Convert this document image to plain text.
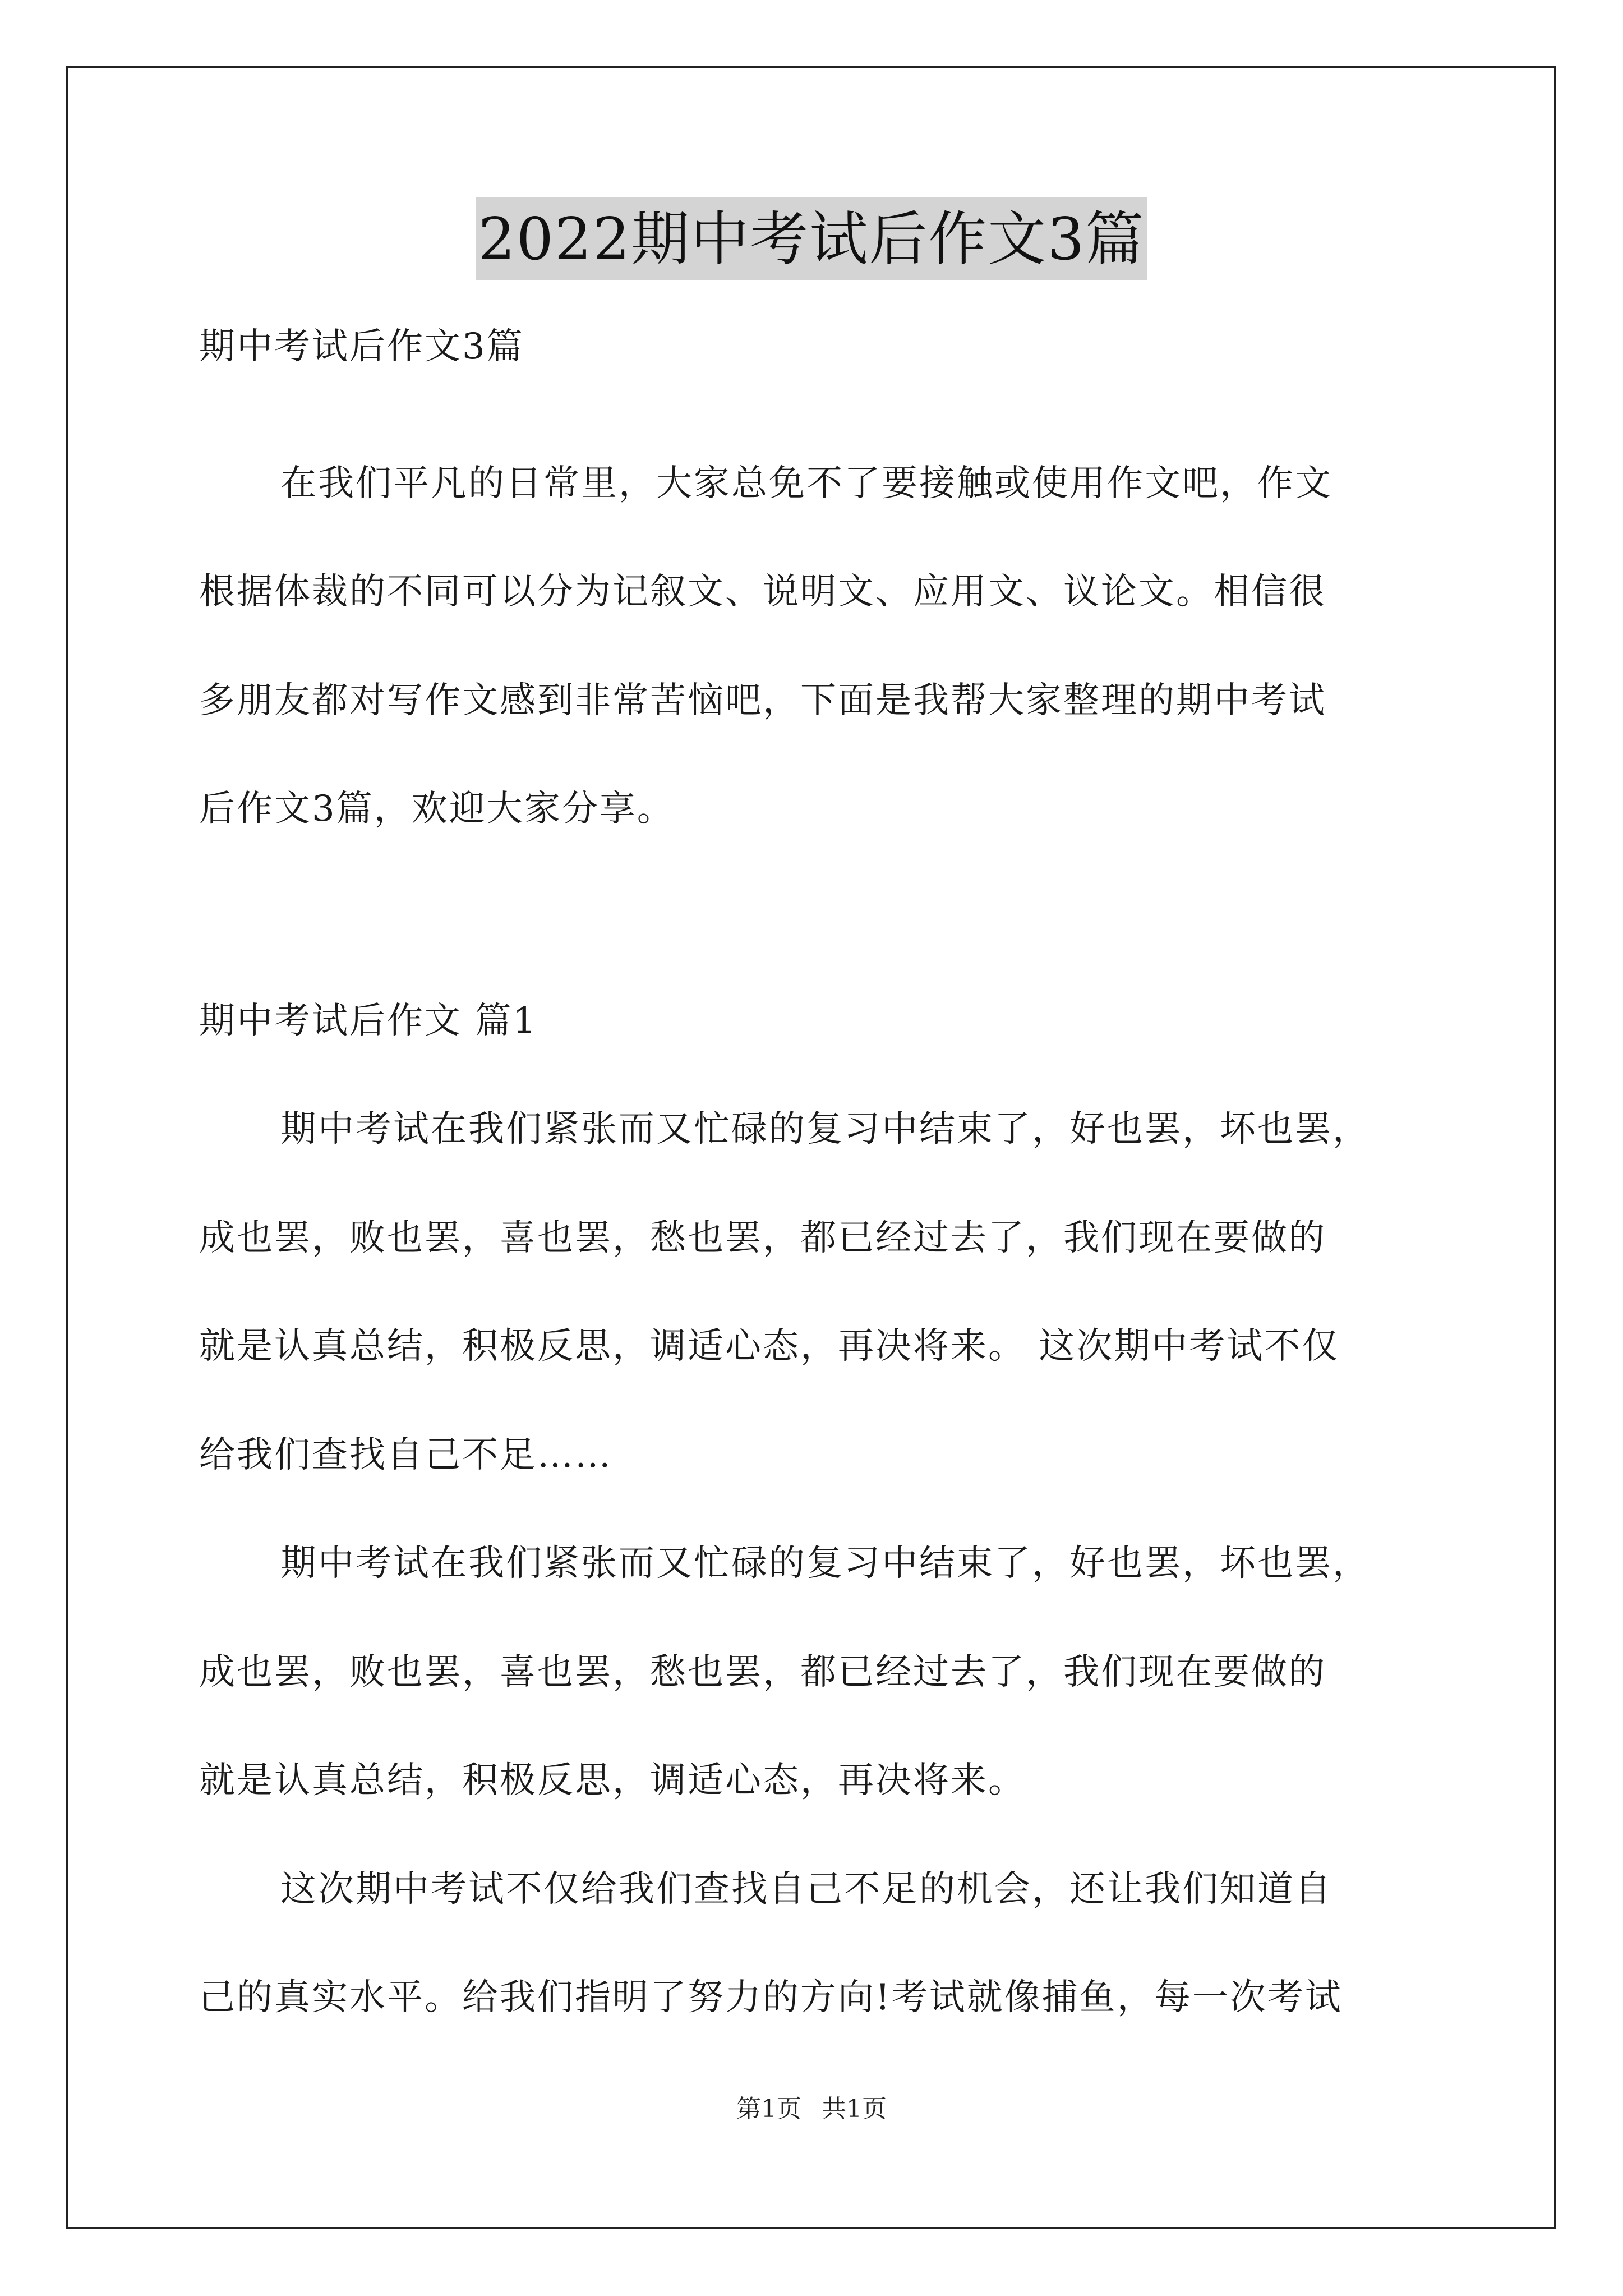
2022期中考试后作文3篇
期中考试后作文3篇
在我们平凡的日常里，大家总免不了要接触或使用作文吧，作文
根据体裁的不同可以分为记叙文、说明文、应用文、议论文。相信很
多朋友都对写作文感到非常苦恼吧，下面是我帮大家整理的期中考试
后作文3篇，欢迎大家分享。
期中考试后作文 篇1
期中考试在我们紧张而又忙碌的复习中结束了，好也罢，坏也罢，
成也罢，败也罢，喜也罢，愁也罢，都已经过去了，我们现在要做的
就是认真总结，积极反思，调适心态，再决将来。 这次期中考试不仅
给我们查找自己不足……
期中考试在我们紧张而又忙碌的复习中结束了，好也罢，坏也罢，
成也罢，败也罢，喜也罢，愁也罢，都已经过去了，我们现在要做的
就是认真总结，积极反思，调适心态，再决将来。
这次期中考试不仅给我们查找自己不足的机会，还让我们知道自
己的真实水平。给我们指明了努力的方向!考试就像捕鱼，每一次考试
第1页 共1页
